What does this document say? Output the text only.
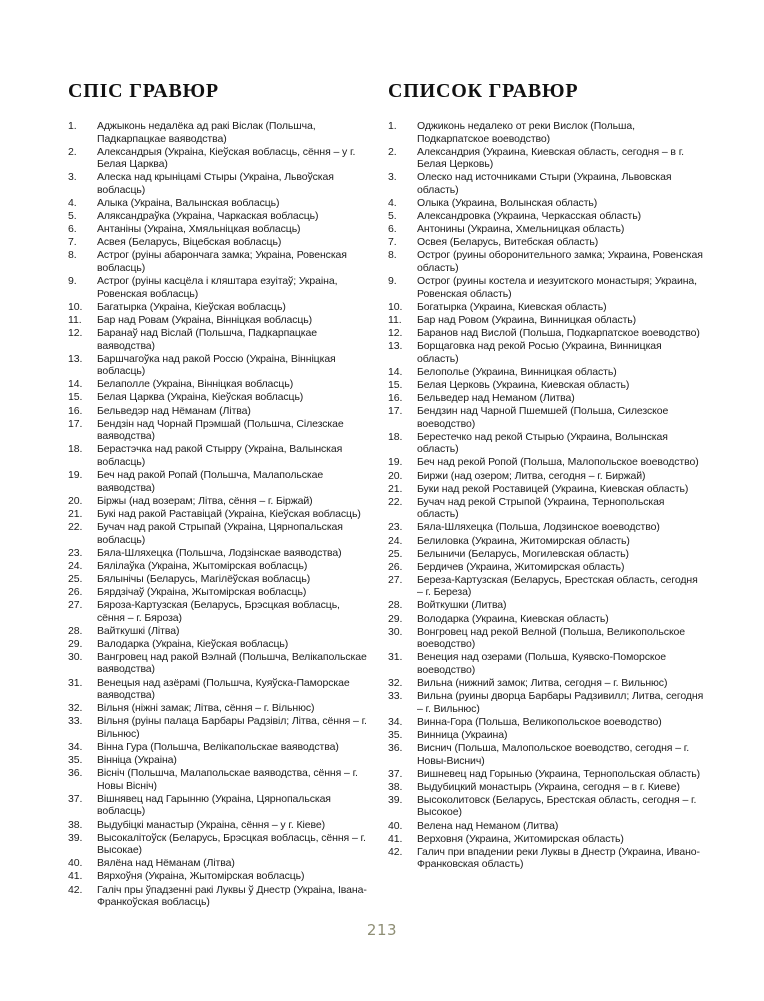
СПІС ГРАВЮР
1.	Аджыконь недалёка ад ракі Віслак (Польшча, Падкарпацкае ваяводства)
2.	Александрыя (Украіна, Кіеўская вобласць, сёння – у г. Белая Царква)
3.	Алеска над крыніцамі Стыры (Украіна, Львоўская вобласць)
4.	Алыка (Украіна, Валынская вобласць)
5.	Аляксандраўка (Украіна, Чаркаская вобласць)
6.	Антаніны (Украіна, Хмяльніцкая вобласць)
7.	Асвея (Беларусь, Віцебская вобласць)
8.	Астрог (руіны абарончага замка; Украіна, Ровенская вобласць)
9.	Астрог (руіны касцёла і кляштара езуітаў; Украіна, Ровенская вобласць)
10.	Багатырка (Украіна, Кіеўская вобласць)
11.	Бар над Ровам (Украіна, Вінніцкая вобласць)
12.	Баранаў над Віслай (Польшча, Падкарпацкае ваяводства)
13.	Баршчагоўка над ракой Россю (Украіна, Вінніцкая вобласць)
14.	Белаполле (Украіна, Вінніцкая вобласць)
15.	Белая Царква (Украіна, Кіеўская вобласць)
16.	Бельведэр над Нёманам (Літва)
17.	Бендзін над Чорнай Прэмшай (Польшча, Сілезскае ваяводства)
18.	Берастэчка над ракой Стырру (Украіна, Валынская вобласць)
19.	Беч над ракой Ропай (Польшча, Малапольскае ваяводства)
20.	Біржы (над возерам; Літва, сёння – г. Біржай)
21.	Букі над ракой Раставіцай (Украіна, Кіеўская вобласць)
22.	Бучач над ракой Стрыпай (Украіна, Цярнопальская вобласць)
23.	Бяла-Шляхецка (Польшча, Лодзінскае ваяводства)
24.	Бялілаўка (Украіна, Жытомірская вобласць)
25.	Бялынічы (Беларусь, Магілёўская вобласць)
26.	Бярдзічаў (Украіна, Жытомірская вобласць)
27.	Бяроза-Картузская (Беларусь, Брэсцкая вобласць, сёння – г. Бяроза)
28.	Вайткушкі (Літва)
29.	Валодарка (Украіна, Кіеўская вобласць)
30.	Вангровец над ракой Вэлнай (Польшча, Велікапольскае ваяводства)
31.	Венецыя над азёрамі (Польшча, Куяўска-Паморскае ваяводства)
32.	Вільня (ніжні замак; Літва, сёння – г. Вільнюс)
33.	Вільня (руіны палаца Барбары Радзівіл; Літва, сёння – г. Вільнюс)
34.	Вінна Гура (Польшча, Велікапольскае ваяводства)
35.	Вінніца (Украіна)
36.	Вісніч (Польшча, Малапольскае ваяводства, сёння – г. Новы Вісніч)
37.	Вішнявец над Гарынню (Украіна, Цярнопальская вобласць)
38.	Выдубіцкі манастыр (Украіна, сёння – у г. Кіеве)
39.	Высокалітоўск (Беларусь, Брэсцкая вобласць, сёння – г. Высокае)
40.	Вялёна над Нёманам (Літва)
41.	Вярхоўня (Украіна, Жытомірская вобласць)
42.	Галіч пры ўпадзенні ракі Луквы ў Днестр (Украіна, Івана-Франкоўская вобласць)
СПИСОК ГРАВЮР
1.	Оджиконь недалеко от реки Вислок (Польша, Подкарпатское воеводство)
2.	Александрия (Украина, Киевская область, сегодня – в г. Белая Церковь)
3.	Олеско над источниками Стыри (Украина, Львовская область)
4.	Олыка (Украина, Волынская область)
5.	Александровка (Украина, Черкасская область)
6.	Антонины (Украина, Хмельницкая область)
7.	Освея (Беларусь, Витебская область)
8.	Острог (руины оборонительного замка; Украина, Ровенская область)
9.	Острог (руины костела и иезуитского монастыря; Украина, Ровенская область)
10.	Богатырка (Украина, Киевская область)
11.	Бар над Ровом (Украина, Винницкая область)
12.	Баранов над Вислой (Польша, Подкарпатское воеводство)
13.	Борщаговка над рекой Росью (Украина, Винницкая область)
14.	Белополье (Украина, Винницкая область)
15.	Белая Церковь (Украина, Киевская область)
16.	Бельведер над Неманом (Литва)
17.	Бендзин над Чарной Пшемшей (Польша, Силезское воеводство)
18.	Берестечко над рекой Стырью (Украина, Волынская область)
19.	Беч над рекой Ропой (Польша, Малопольское воеводство)
20.	Биржи (над озером; Литва, сегодня – г. Биржай)
21.	Буки над рекой Роставицей (Украина, Киевская область)
22.	Бучач над рекой Стрыпой (Украина, Тернопольская область)
23.	Бяла-Шляхецка (Польша, Лодзинское воеводство)
24.	Белиловка (Украина, Житомирская область)
25.	Белыничи (Беларусь, Могилевская область)
26.	Бердичев (Украина, Житомирская область)
27.	Береза-Картузская (Беларусь, Брестская область, сегодня – г. Береза)
28.	Войткушки (Литва)
29.	Володарка (Украина, Киевская область)
30.	Вонгровец над рекой Велной (Польша, Великопольское воеводство)
31.	Венеция над озерами (Польша, Куявско-Поморское воеводство)
32.	Вильна (нижний замок; Литва, сегодня – г. Вильнюс)
33.	Вильна (руины дворца Барбары Радзивилл; Литва, сегодня – г. Вильнюс)
34.	Винна-Гора (Польша, Великопольское воеводство)
35.	Винница (Украина)
36.	Виснич (Польша, Малопольское воеводство, сегодня – г. Новы-Виснич)
37.	Вишневец над Горынью (Украина, Тернопольская область)
38.	Выдубицкий монастырь (Украина, сегодня – в г. Киеве)
39.	Высоколитовск (Беларусь, Брестская область, сегодня – г. Высокое)
40.	Велена над Неманом (Литва)
41.	Верховня (Украина, Житомирская область)
42.	Галич при впадении реки Луквы в Днестр (Украина, Ивано-Франковская область)
213
